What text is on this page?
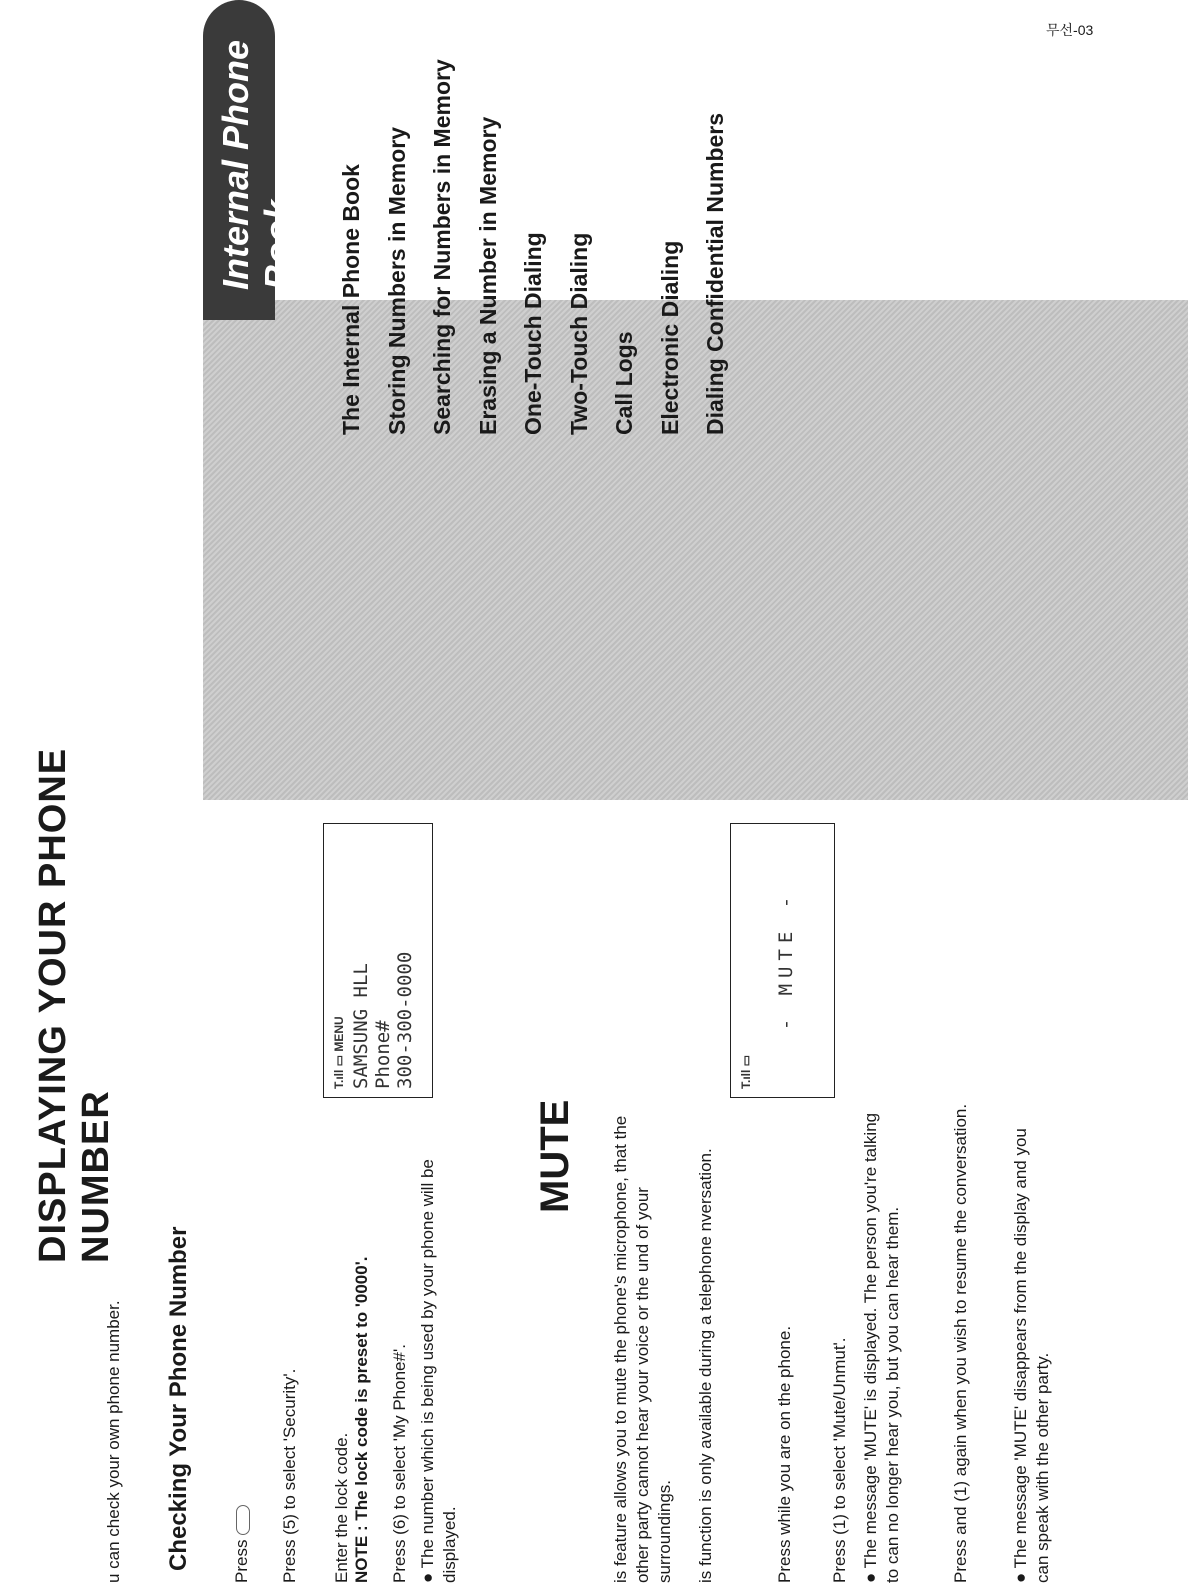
무선-03
Internal Phone Book The Internal Phone Book Storing Numbers in Memory Searching for Numbers in Memory Erasing a Number in Memory One-Touch Dialing Two-Touch Dialing Call Logs Electronic Dialing Dialing Confidential Numbers
DISPLAYING YOUR PHONE NUMBER

u can check your own phone number. Checking Your Phone Number Press Press (5) to select 'Security'. Enter the lock code.
NOTE : The lock code is preset to '0000'. Press (6) to select 'My Phone#'. ● The number which is being used by your phone will be displayed.

T.ıll ▭ MENU SAMSUNG HLL Phone# 300-300-0000
MUTE is feature allows you to mute the phone's microphone, that the other party cannot hear your voice or the und of your surroundings. is function is only available during a telephone nversation.	Press while you are on the phone. Press (1) to select 'Mute/Unmut'. ● The message 'MUTE' is displayed. The person you're talking to can no longer hear you, but you can hear them.	Press and (1) again when you wish to resume the conversation. ● The message 'MUTE' disappears from the display and you can speak with the other party.

T.ıll ▭
- MUTE -
